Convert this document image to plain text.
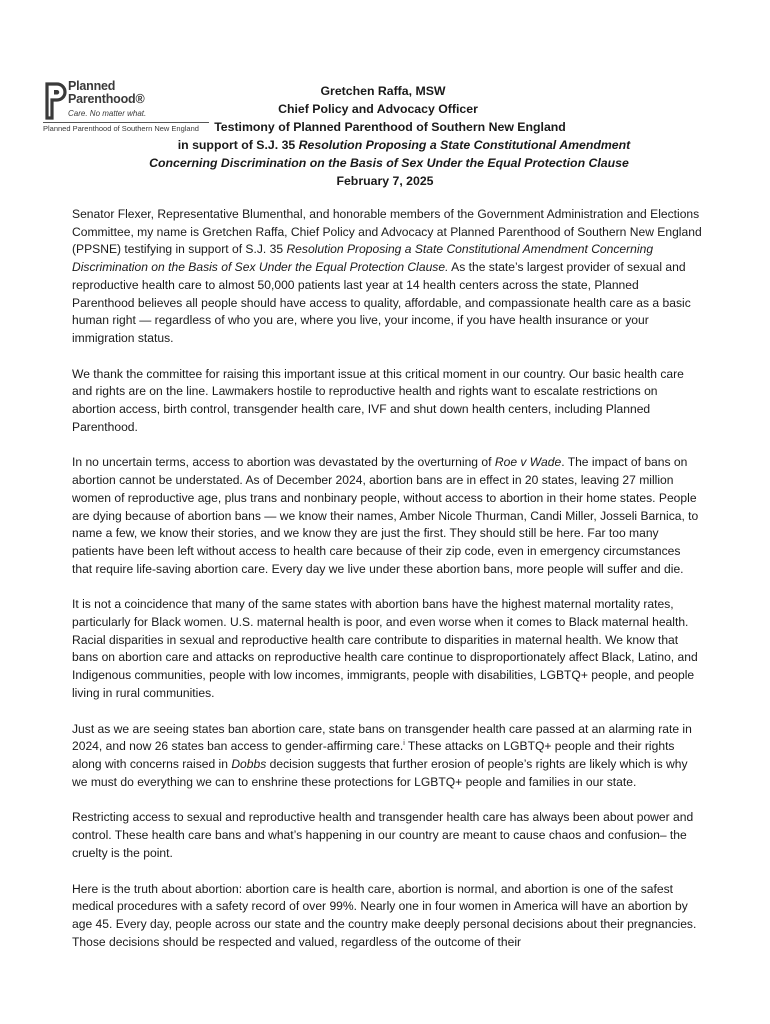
Planned
Parenthood®
Care. No matter what.
Planned Parenthood of Southern New England
Gretchen Raffa, MSW
Chief Policy and Advocacy Officer
Testimony of Planned Parenthood of Southern New England
in support of S.J. 35 Resolution Proposing a State Constitutional Amendment
Concerning Discrimination on the Basis of Sex Under the Equal Protection Clause
February 7, 2025

Senator Flexer, Representative Blumenthal, and honorable members of the Government Administration and Elections Committee, my name is Gretchen Raffa, Chief Policy and Advocacy at Planned Parenthood of Southern New England (PPSNE) testifying in support of S.J. 35 Resolution Proposing a State Constitutional Amendment Concerning Discrimination on the Basis of Sex Under the Equal Protection Clause. As the state’s largest provider of sexual and reproductive health care to almost 50,000 patients last year at 14 health centers across the state, Planned Parenthood believes all people should have access to quality, affordable, and compassionate health care as a basic human right — regardless of who you are, where you live, your income, if you have health insurance or your immigration status.

We thank the committee for raising this important issue at this critical moment in our country. Our basic health care and rights are on the line. Lawmakers hostile to reproductive health and rights want to escalate restrictions on abortion access, birth control, transgender health care, IVF and shut down health centers, including Planned Parenthood.

In no uncertain terms, access to abortion was devastated by the overturning of Roe v Wade. The impact of bans on abortion cannot be understated. As of December 2024, abortion bans are in effect in 20 states, leaving 27 million women of reproductive age, plus trans and nonbinary people, without access to abortion in their home states. People are dying because of abortion bans — we know their names, Amber Nicole Thurman, Candi Miller, Josseli Barnica, to name a few, we know their stories, and we know they are just the first. They should still be here. Far too many patients have been left without access to health care because of their zip code, even in emergency circumstances that require life-saving abortion care. Every day we live under these abortion bans, more people will suffer and die.

It is not a coincidence that many of the same states with abortion bans have the highest maternal mortality rates, particularly for Black women. U.S. maternal health is poor, and even worse when it comes to Black maternal health. Racial disparities in sexual and reproductive health care contribute to disparities in maternal health. We know that bans on abortion care and attacks on reproductive health care continue to disproportionately affect Black, Latino, and Indigenous communities, people with low incomes, immigrants, people with disabilities, LGBTQ+ people, and people living in rural communities.

Just as we are seeing states ban abortion care, state bans on transgender health care passed at an alarming rate in 2024, and now 26 states ban access to gender-affirming care.$^i$ These attacks on LGBTQ+ people and their rights along with concerns raised in Dobbs decision suggests that further erosion of people’s rights are likely which is why we must do everything we can to enshrine these protections for LGBTQ+ people and families in our state.

Restricting access to sexual and reproductive health and transgender health care has always been about power and control. These health care bans and what’s happening in our country are meant to cause chaos and confusion– the cruelty is the point.

Here is the truth about abortion: abortion care is health care, abortion is normal, and abortion is one of the safest medical procedures with a safety record of over 99%. Nearly one in four women in America will have an abortion by age 45. Every day, people across our state and the country make deeply personal decisions about their pregnancies. Those decisions should be respected and valued, regardless of the outcome of their
